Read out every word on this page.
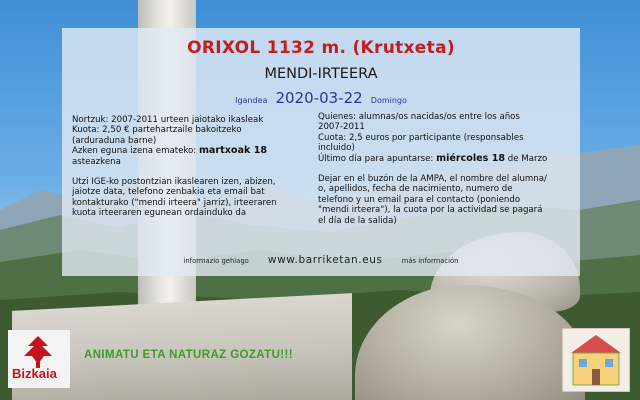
ORIXOL 1132 m. (Krutxeta)
MENDI-IRTEERA
Igandea 2020-03-22 Domingo

Nortzuk: 2007-2011 urteen jaiotako ikasleak

Kuota: 2,50 € partehartzaile bakoitzeko

(arduraduna barne)

Azken eguna izena emateko: martxoak 18

asteazkena

Utzi IGE-ko postontzian ikaslearen izen, abizen,

jaiotze data, telefono zenbakia eta email bat

kontakturako ("mendi irteera" jarriz), irteeraren

kuota irteeraren egunean ordainduko da

Quienes: alumnas/os nacidas/os entre los años

2007-2011

Cuota: 2,5 euros por participante (responsables

incluido)

Último día para apuntarse: miércoles 18 de Marzo

Dejar en el buzón de la AMPA, el nombre del alumna/

o, apellidos, fecha de nacimiento, numero de

telefono y un email para el contacto (poniendo

"mendi irteera"), la cuota por la actividad se pagará

el día de la salida)

informazio gehiago www.barriketan.eus	más información
Bizkaia
ANIMATU ETA NATURAZ GOZATU!!!
